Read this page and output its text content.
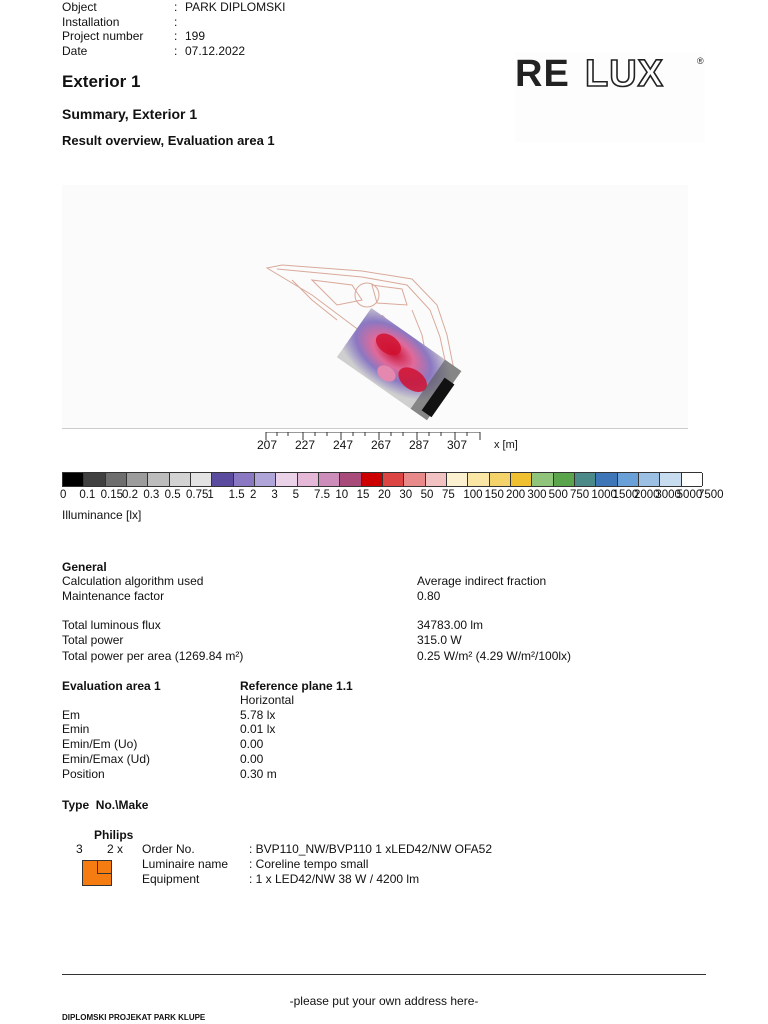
Object	: PARK DIPLOMSKI
Installation	:
Project number	: 199
Date	: 07.12.2022
RE LUX	®
Exterior 1
Summary, Exterior 1
Result overview, Evaluation area 1
207 227 247 267 287 307 x [m]
0 0.1 0.15
0.2 0.3 0.5 0.75
1 1.5 2 3 5 7.5 10 15 20 30 50 75 100 150 200 300 500 750 1000
1500
2000
3000
5000
7500
Illuminance [lx]
General
Calculation algorithm used	Average indirect fraction
Maintenance factor	0.80
Total luminous flux	34783.00 lm
Total power	315.0 W
Total power per area (1269.84 m²)	0.25 W/m² (4.29 W/m²/100lx)
Evaluation area 1	Reference plane 1.1
Horizontal
Em	5.78 lx
Emin	0.01 lx
Emin/Em (Uo)	0.00
Emin/Emax (Ud)	0.00
Position	0.30 m
Type  No.\Make
Philips
3 2 x Order No.	: BVP110_NW/BVP110 1 xLED42/NW OFA52
Luminaire name : Coreline tempo small
Equipment	: 1 x LED42/NW 38 W / 4200 lm
-please put your own address here-
DIPLOMSKI PROJEKAT PARK KLUPE
